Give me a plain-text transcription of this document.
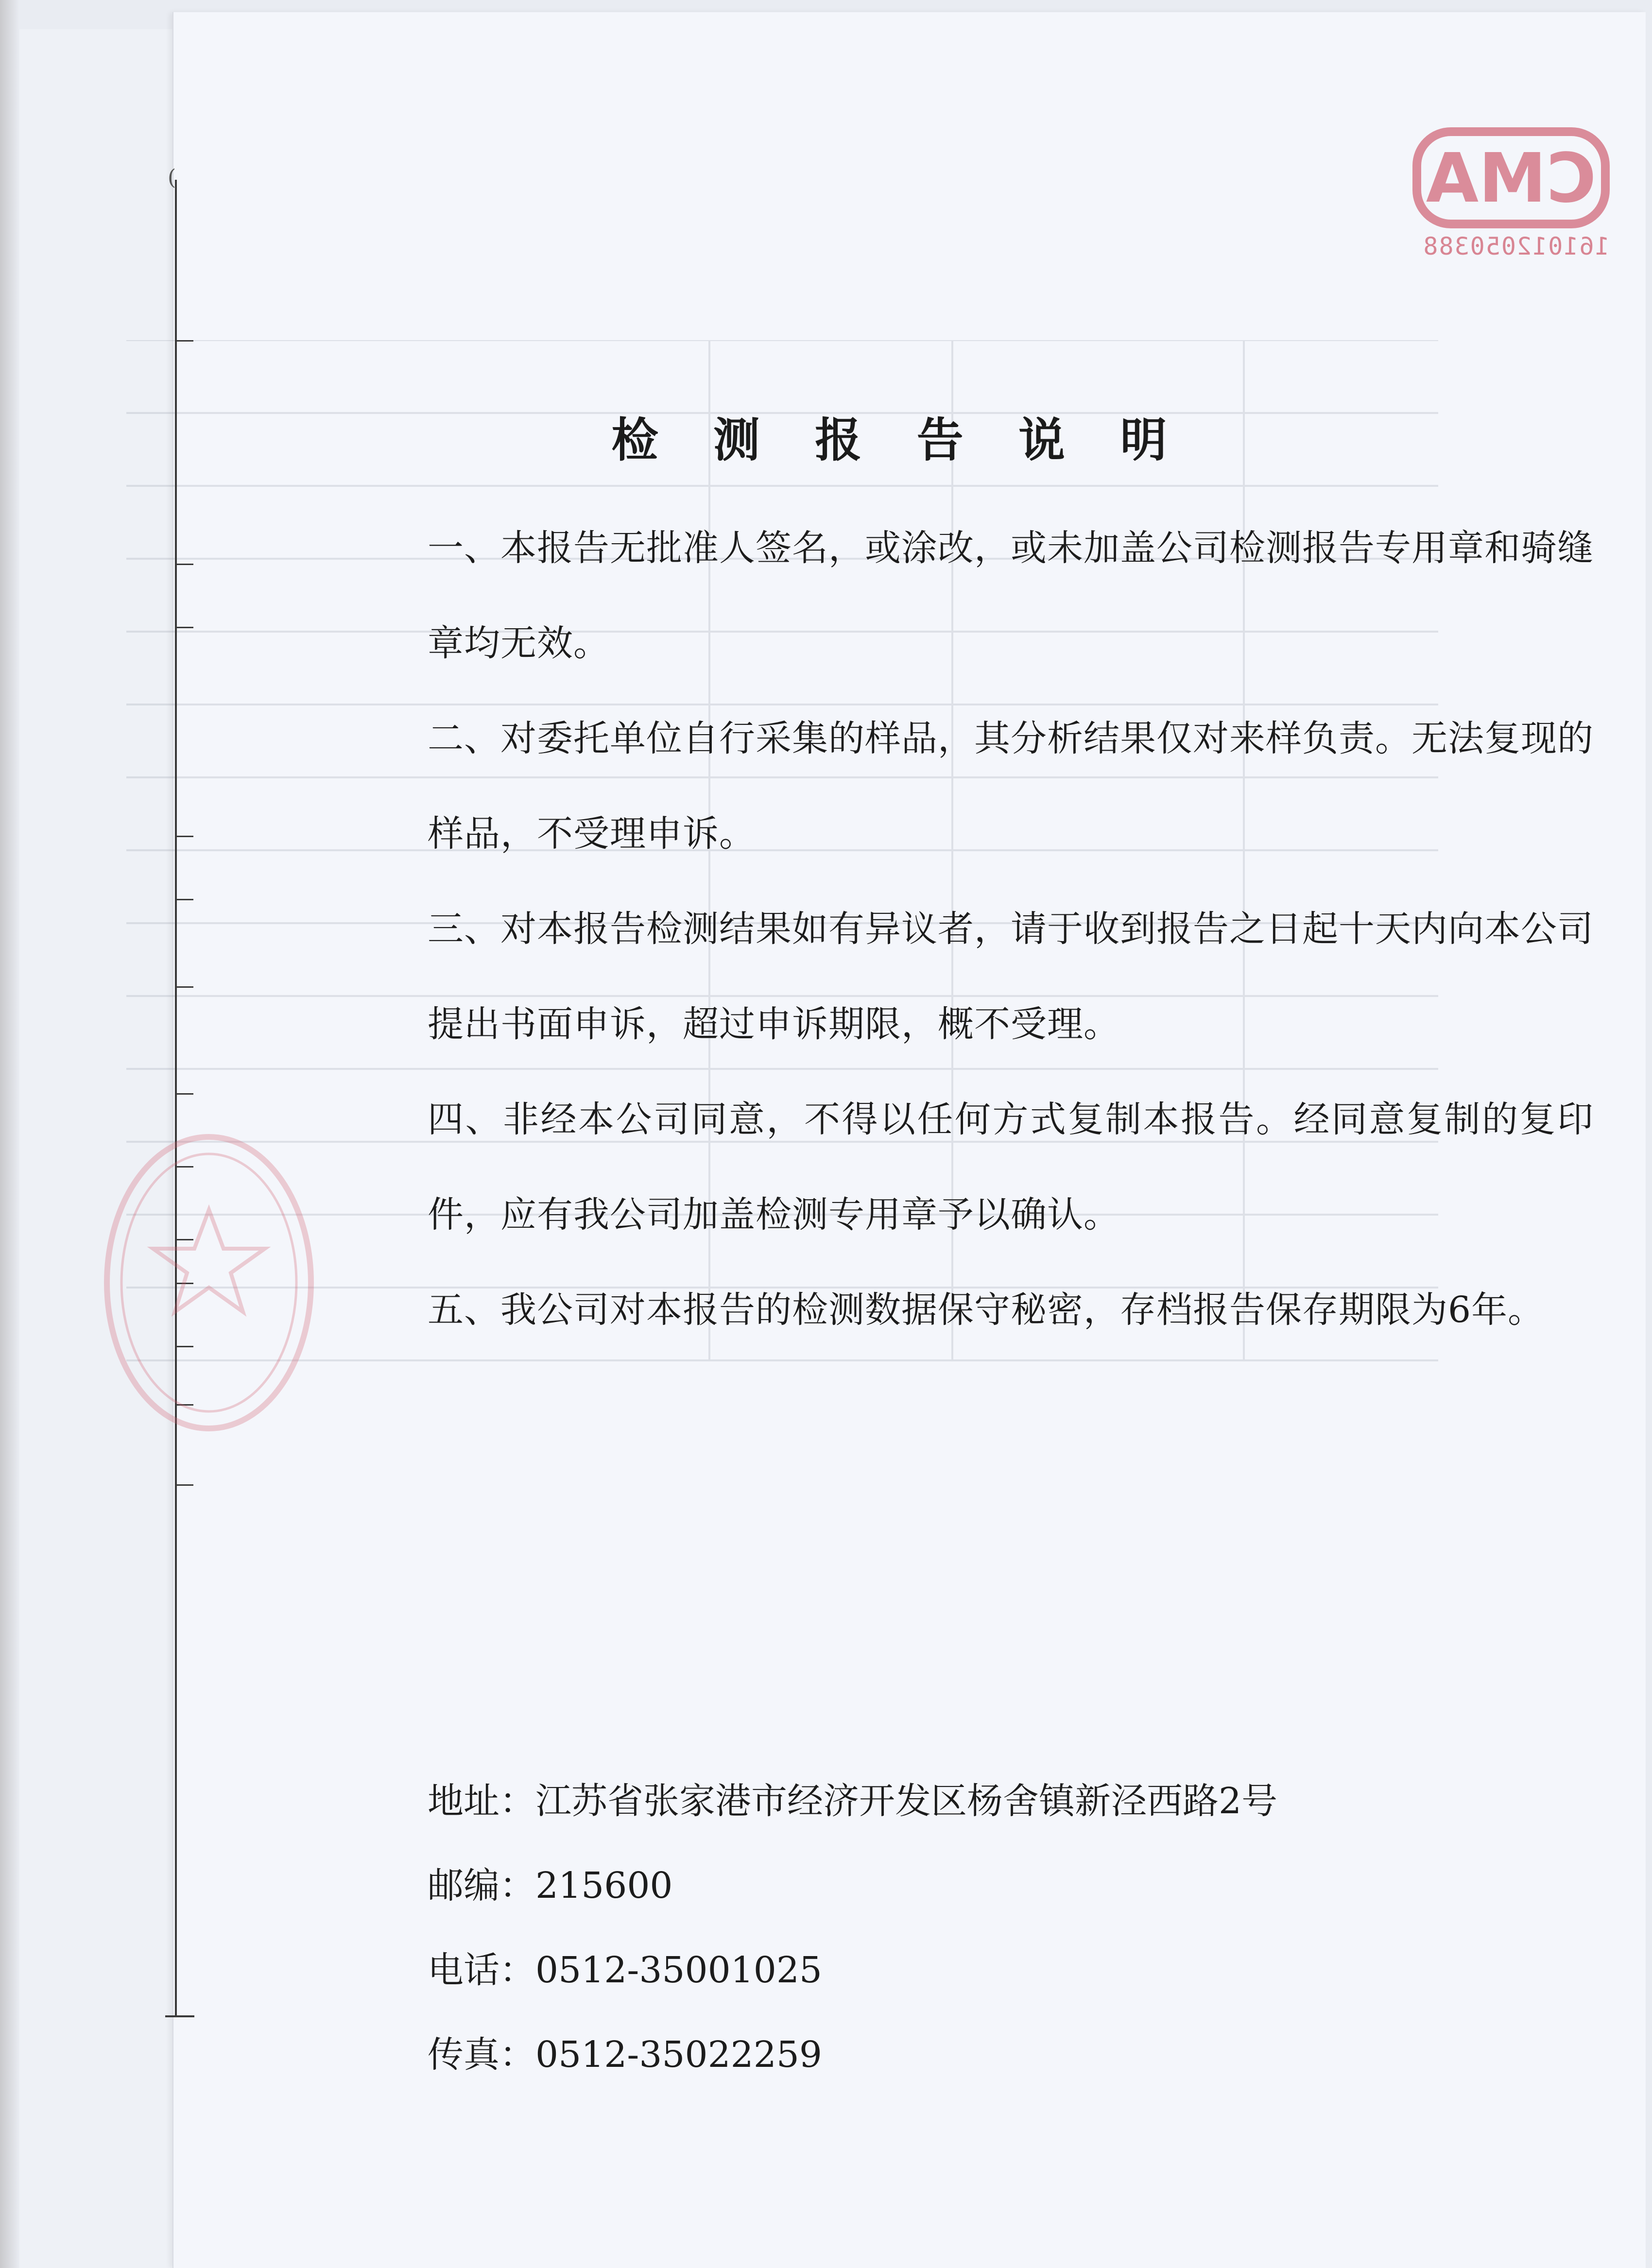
(	CMA
161012050388
检 测 报 告 说 明

一、本报告无批准人签名，或涂改，或未加盖公司检测报告专用章和骑缝章均无效。

二、对委托单位自行采集的样品，其分析结果仅对来样负责。无法复现的样品，不受理申诉。

三、对本报告检测结果如有异议者，请于收到报告之日起十天内向本公司提出书面申诉，超过申诉期限，概不受理。

四、非经本公司同意，不得以任何方式复制本报告。经同意复制的复印件，应有我公司加盖检测专用章予以确认。

五、我公司对本报告的检测数据保守秘密，存档报告保存期限为6年。

地址：江苏省张家港市经济开发区杨舍镇新泾西路2号
邮编：215600
电话：0512-35001025
传真：0512-35022259
